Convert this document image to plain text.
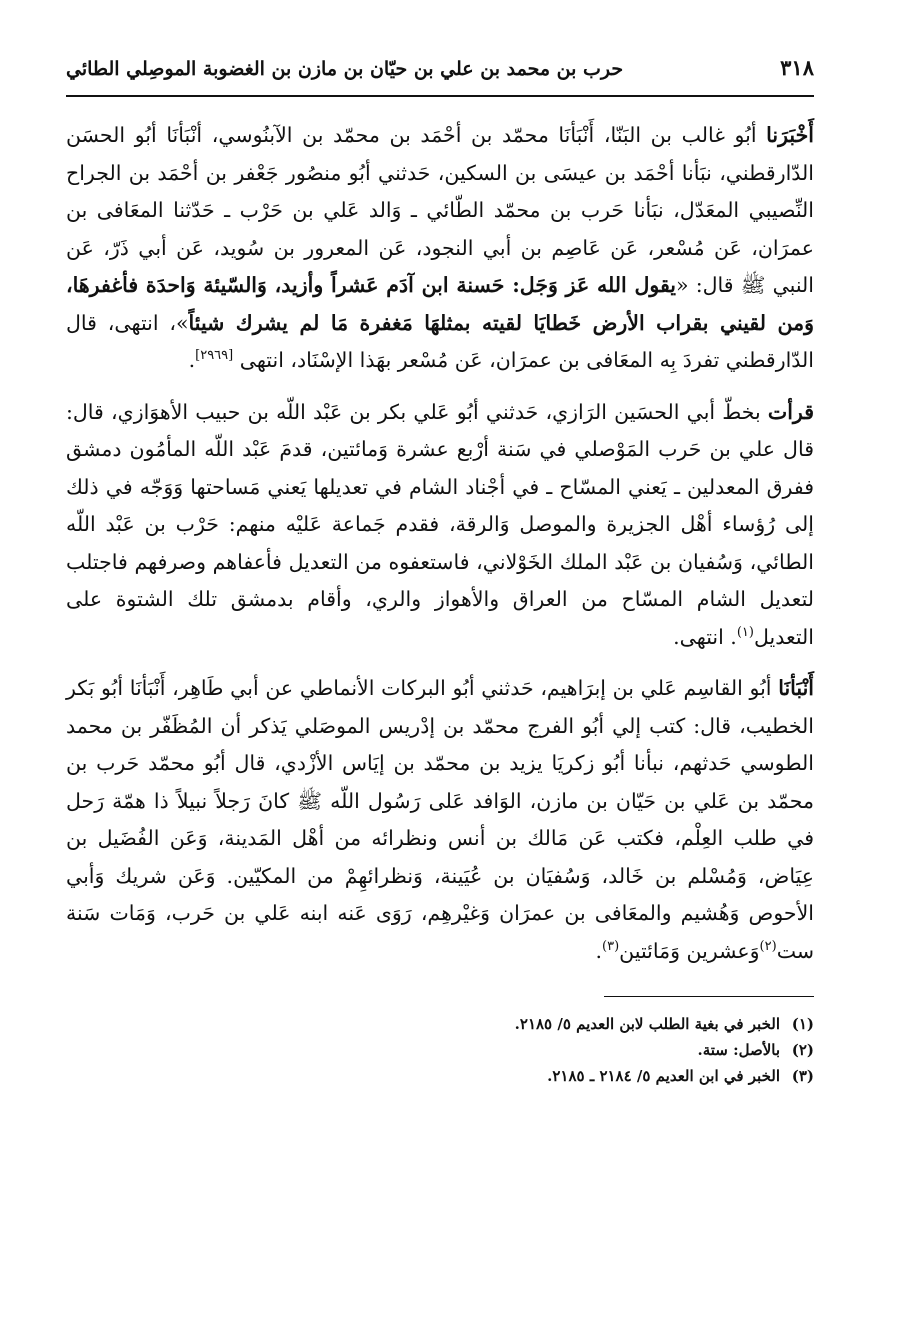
٣١٨
حرب بن محمد بن علي بن حيّان بن مازن بن الغضوبة الموصِلي الطائي

أَخْبَرَنا أبُو غالب بن البَنّا، أَنْبَأنَا محمّد بن أحْمَد بن محمّد بن الآبنُوسي، أنْبَأنَا أبُو الحسَن الدّارقطني، نبَأنا أحْمَد بن عيسَى بن السكين، حَدثني أبُو منصُور جَعْفر بن أحْمَد بن الجراح النِّصيبي المعَدّل، نبَأنا حَرب بن محمّد الطّائي ـ وَالد عَلي بن حَرْب ـ حَدّثنا المعَافى بن عمرَان، عَن مُسْعر، عَن عَاصِم بن أبي النجود، عَن المعرور بن سُويد، عَن أبي ذَرّ، عَن النبي ﷺ قال: «يقول الله عَز وَجَل: حَسنة ابن آدَم عَشراً وأزيد، وَالسّيئة وَاحدَة فأغفرهَا، وَمن لقيني بقراب الأرض خَطايَا لقيته بمثلهَا مَغفرة مَا لم يشرك شيئاً»، انتهى، قال الدّارقطني تفردَ بِه المعَافى بن عمرَان، عَن مُسْعر بهَذا الإسْنَاد، انتهى [٢٩٦٩].

قرأت بخطّ أبي الحسَين الرَازي، حَدثني أبُو عَلي بكر بن عَبْد اللّه بن حبيب الأهوَازي، قال: قال علي بن حَرب المَوْصلي في سَنة أرْبع عشرة وَمائتين، قدمَ عَبْد اللّه المأمُون دمشق ففرق المعدلين ـ يَعني المسّاح ـ في أجْناد الشام في تعديلها يَعني مَساحتها وَوَجّه في ذلك إلى رُؤساء أهْل الجزيرة والموصل وَالرقة، فقدم جَماعة عَليْه منهم: حَرْب بن عَبْد اللّه الطائي، وَسُفيان بن عَبْد الملك الخَوْلاني، فاستعفوه من التعديل فأعفاهم وصرفهم فاجتلب لتعديل الشام المسّاح من العراق والأهواز والري، وأقام بدمشق تلك الشتوة على التعديل$^{(١)}$. انتهى.

أَنْبَأنَا أبُو القاسِم عَلي بن إبرَاهيم، حَدثني أبُو البركات الأنماطي عن أبي طَاهِر، أَنْبَأنَا أبُو بَكر الخطيب، قال: كتب إلي أبُو الفرج محمّد بن إدْريس الموصَلي يَذكر أن المُظَفّر بن محمد الطوسي حَدثهم، نبأنا أبُو زكريَا يزيد بن محمّد بن إيَاس الأزْدي، قال أبُو محمّد حَرب بن محمّد بن عَلي بن حَيّان بن مازن، الوَافد عَلى رَسُول اللّه ﷺ كانَ رَجلاً نبيلاً ذا همّة رَحل في طلب العِلْم، فكتب عَن مَالك بن أنس ونظرائه من أهْل المَدينة، وَعَن الفُضَيل بن عِيَاض، وَمُسْلم بن خَالد، وَسُفيَان بن عُيَينة، وَنظرائهِمْ من المكيّين. وَعَن شريك وَأبي الأحوص وَهُشيم والمعَافى بن عمرَان وَغيْرهِم، رَوَى عَنه ابنه عَلي بن حَرب، وَمَات سَنة ست$^{(٢)}$وَعشرين وَمَائتين$^{(٣)}$.

(١)الخبر في بغية الطلب لابن العديم ٥/ ٢١٨٥.
(٢)بالأصل: ستة.
(٣)الخبر في ابن العديم ٥/ ٢١٨٤ ـ ٢١٨٥.
